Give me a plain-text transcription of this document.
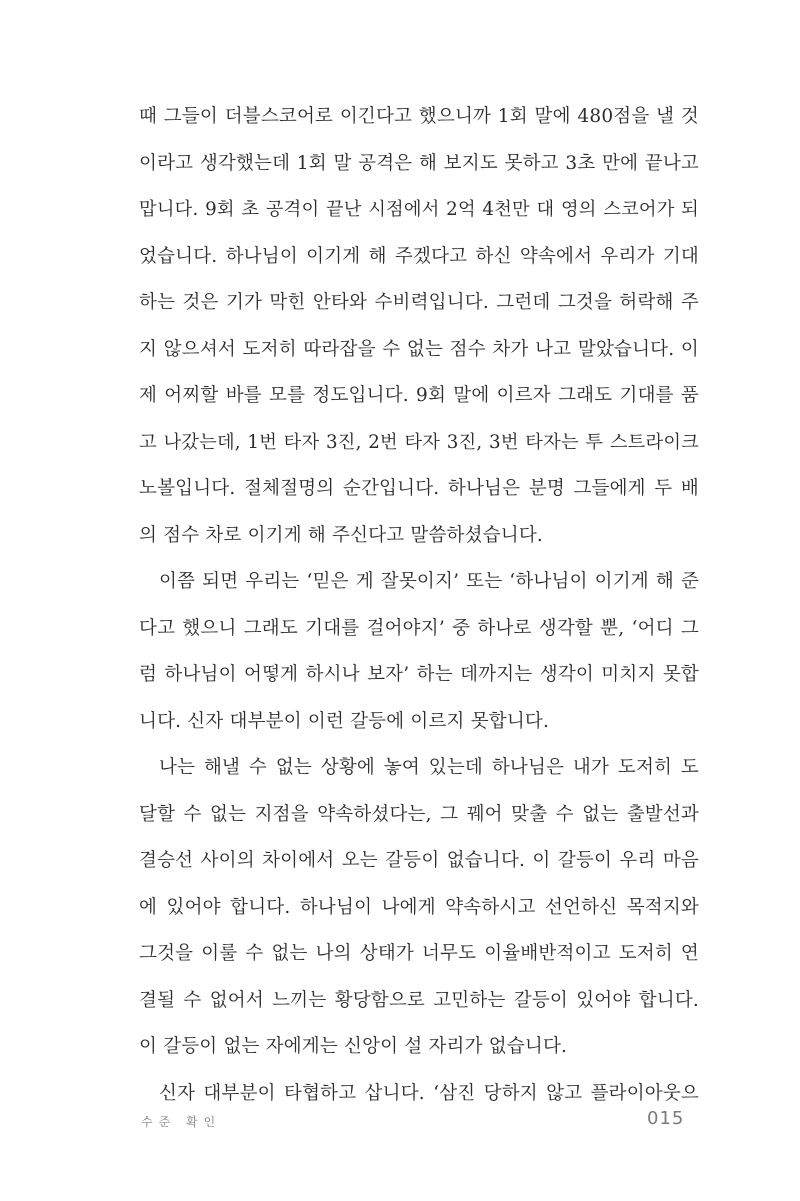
때 그들이 더블스코어로 이긴다고 했으니까 1회 말에 480점을 낼 것
이라고 생각했는데 1회 말 공격은 해 보지도 못하고 3초 만에 끝나고
맙니다. 9회 초 공격이 끝난 시점에서 2억 4천만 대 영의 스코어가 되
었습니다. 하나님이 이기게 해 주겠다고 하신 약속에서 우리가 기대
하는 것은 기가 막힌 안타와 수비력입니다. 그런데 그것을 허락해 주
지 않으셔서 도저히 따라잡을 수 없는 점수 차가 나고 말았습니다. 이
제 어찌할 바를 모를 정도입니다. 9회 말에 이르자 그래도 기대를 품
고 나갔는데, 1번 타자 3진, 2번 타자 3진, 3번 타자는 투 스트라이크
노볼입니다. 절체절명의 순간입니다. 하나님은 분명 그들에게 두 배
의 점수 차로 이기게 해 주신다고 말씀하셨습니다.
이쯤 되면 우리는 ‘믿은 게 잘못이지’ 또는 ‘하나님이 이기게 해 준
다고 했으니 그래도 기대를 걸어야지’ 중 하나로 생각할 뿐, ‘어디 그
럼 하나님이 어떻게 하시나 보자’ 하는 데까지는 생각이 미치지 못합
니다. 신자 대부분이 이런 갈등에 이르지 못합니다.
나는 해낼 수 없는 상황에 놓여 있는데 하나님은 내가 도저히 도
달할 수 없는 지점을 약속하셨다는, 그 꿰어 맞출 수 없는 출발선과
결승선 사이의 차이에서 오는 갈등이 없습니다. 이 갈등이 우리 마음
에 있어야 합니다. 하나님이 나에게 약속하시고 선언하신 목적지와
그것을 이룰 수 없는 나의 상태가 너무도 이율배반적이고 도저히 연
결될 수 없어서 느끼는 황당함으로 고민하는 갈등이 있어야 합니다.
이 갈등이 없는 자에게는 신앙이 설 자리가 없습니다.
신자 대부분이 타협하고 삽니다. ‘삼진 당하지 않고 플라이아웃으
수준 확인	015
